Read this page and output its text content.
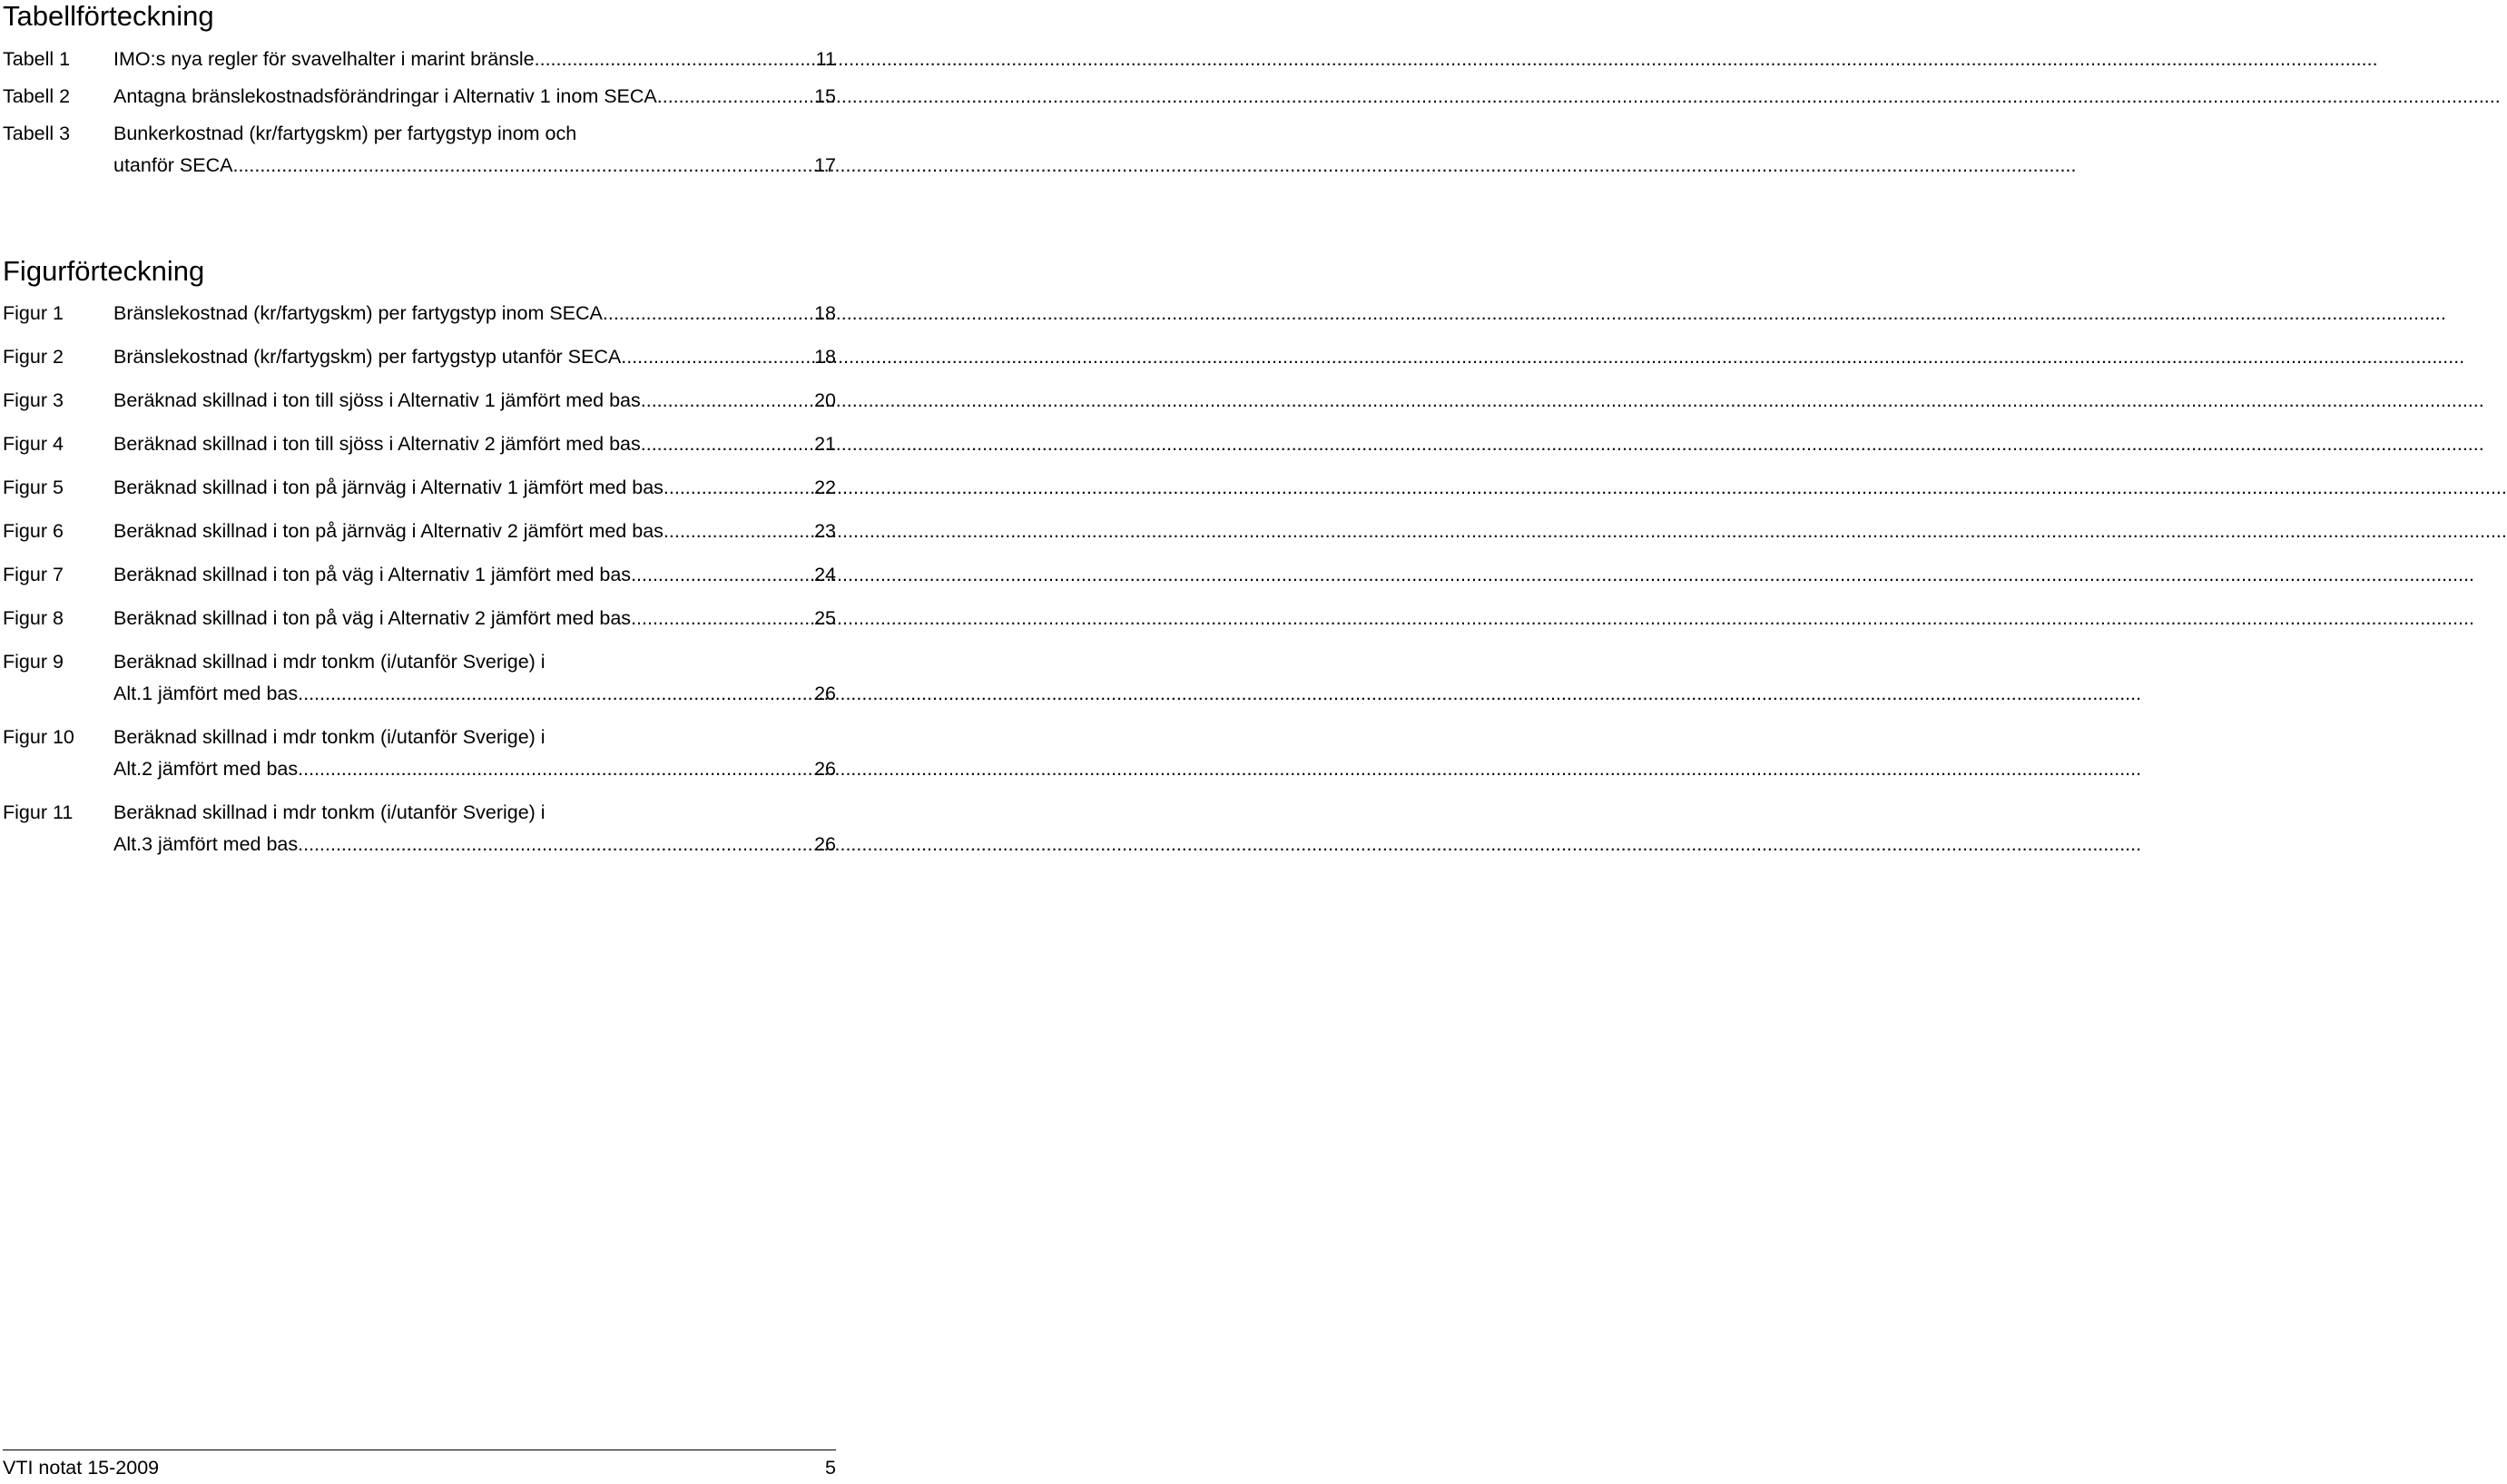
Tabellförteckning
Tabell 1 IMO:s nya regler för svavelhalter i marint bränsle .....	11
Tabell 2 Antagna bränslekostnadsförändringar i Alternativ 1 inom SECA .....	15
Tabell 3 Bunkerkostnad (kr/fartygskm) per fartygstyp inom och
utanför SECA .....	17
Figurförteckning
Figur 1	Bränslekostnad (kr/fartygskm) per fartygstyp inom SECA .....	18
Figur 2	Bränslekostnad (kr/fartygskm) per fartygstyp utanför SECA .....	18
Figur 3	Beräknad skillnad i ton till sjöss i Alternativ 1 jämfört med bas .....	20
Figur 4	Beräknad skillnad i ton till sjöss i Alternativ 2 jämfört med bas .....	21
Figur 5	Beräknad skillnad i ton på järnväg i Alternativ 1 jämfört med bas .....	22
Figur 6	Beräknad skillnad i ton på järnväg i Alternativ 2 jämfört med bas .....	23
Figur 7	Beräknad skillnad i ton på väg i Alternativ 1 jämfört med bas .....	24
Figur 8	Beräknad skillnad i ton på väg i Alternativ 2 jämfört med bas .....	25
Figur 9	Beräknad skillnad i mdr tonkm (i/utanför Sverige) i
Alt.1 jämfört med bas .....	26
Figur 10 Beräknad skillnad i mdr tonkm (i/utanför Sverige) i
Alt.2 jämfört med bas .....	26
Figur 11 Beräknad skillnad i mdr tonkm (i/utanför Sverige) i
Alt.3 jämfört med bas .....	26
VTI notat 15-2009	5
